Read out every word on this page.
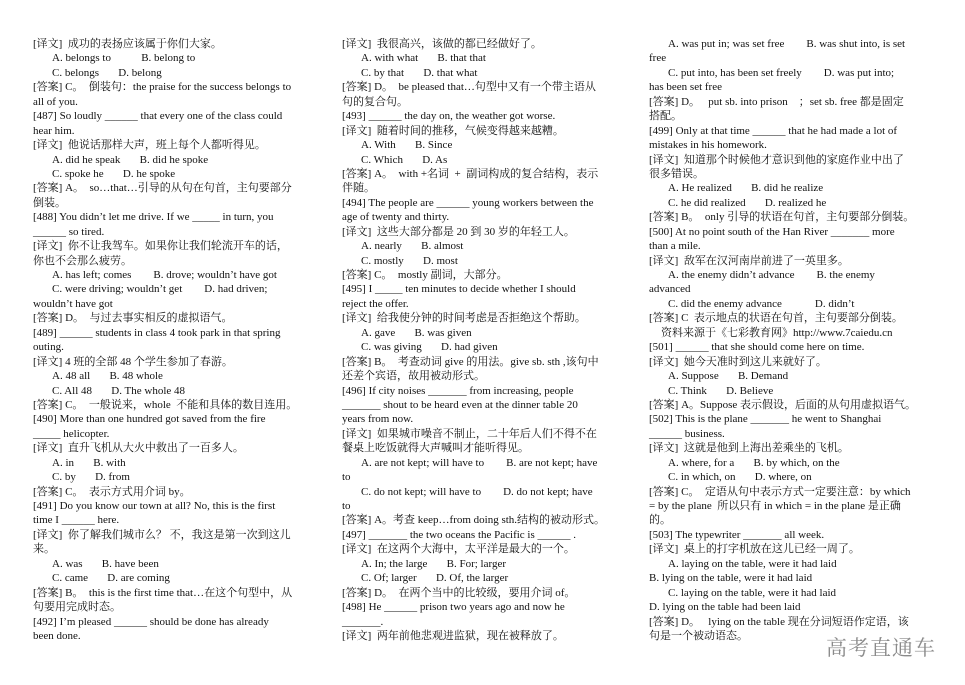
[译文]  成功的表扬应该属于你们大家。
A. belongs to           B. belong to
C. belongs       D. belong
[答案] C。  倒装句：the praise for the success belongs to
all of you.
[487] So loudly ______ that every one of the class could
hear him.
[译文]  他说话那样大声，班上每个人都听得见。
A. did he speak       B. did he spoke
C. spoke he       D. he spoke
[答案] A。  so…that…引导的从句在句首，主句要部分
倒装。
[488] You didn’t let me drive. If we _____ in turn, you
______ so tired.
[译文]  你不让我驾车。如果你让我们轮流开车的话，
你也不会那么疲劳。
A. has left; comes        B. drove; wouldn’t have got
C. were driving; wouldn’t get        D. had driven;
wouldn’t have got
[答案] D。  与过去事实相反的虚拟语气。
[489] ______ students in class 4 took park in that spring
outing.
[译文] 4 班的全部 48 个学生参加了春游。
A. 48 all       B. 48 whole
C. All 48       D. The whole 48
[答案] C。  一般说来，whole  不能和具体的数目连用。
[490] More than one hundred got saved from the fire
_____ helicopter.
[译文]  直升飞机从大火中救出了一百多人。
A. in       B. with
C. by       D. from
[答案] C。  表示方式用介词 by。
[491] Do you know our town at all? No, this is the first
time I ______ here.
[译文]  你了解我们城市么？ 不，我这是第一次到这儿
来。
A. was       B. have been
C. came       D. are coming
[答案] B。  this is the first time that…在这个句型中，从
句要用完成时态。
[492] I’m pleased ______ should be done has already
been done.
[译文]  我很高兴，该做的都已经做好了。
A. with what       B. that that
C. by that       D. that what
[答案] D。  be pleased that…句型中又有一个带主语从
句的复合句。
[493] ______ the day on, the weather got worse.
[译文]  随着时间的推移，气候变得越来越糟。
A. With       B. Since
C. Which       D. As
[答案] A。  with +名词  +  副词构成的复合结构，表示
伴随。
[494] The people are ______ young workers between the
age of twenty and thirty.
[译文]  这些大部分都是 20 到 30 岁的年轻工人。
A. nearly       B. almost
C. mostly       D. most
[答案] C。  mostly 副词，大部分。
[495] I _____ ten minutes to decide whether I should
reject the offer.
[译文]  给我使分钟的时间考虑是否拒绝这个帮助。
A. gave       B. was given
C. was giving       D. had given
[答案] B。  考查动词 give 的用法。give sb. sth ,该句中
还差个宾语，故用被动形式。
[496] If city noises _______ from increasing, people
_______ shout to be heard even at the dinner table 20
years from now.
[译文]  如果城市噪音不制止，二十年后人们不得不在
餐桌上吃饭就得大声喊叫才能听得见。
A. are not kept; will have to        B. are not kept; have
to
C. do not kept; will have to        D. do not kept; have
to
[答案] A。考查 keep…from doing sth.结构的被动形式。
[497] _______ the two oceans the Pacific is ______ .
[译文]  在这两个大海中，太平洋是最大的一个。
A. In; the large       B. For; larger
C. Of; larger       D. Of, the larger
[答案] D。  在两个当中的比较级，要用介词 of。
[498] He ______ prison two years ago and now he
_______.
[译文]  两年前他悲观进监狱，现在被释放了。
A. was put in; was set free        B. was shut into, is set
free
C. put into, has been set freely        D. was put into;
has been set free
[答案] D。   put sb. into prison    ；set sb. free 都是固定
搭配。
[499] Only at that time ______ that he had made a lot of
mistakes in his homework.
[译文]  知道那个时候他才意识到他的家庭作业中出了
很多错误。
A. He realized       B. did he realize
C. he did realized       D. realized he
[答案] B。  only 引导的状语在句首，主句要部分倒装。
[500] At no point south of the Han River _______ more
than a mile.
[译文]  敌军在汉河南岸前进了一英里多。
A. the enemy didn’t advance        B. the enemy
advanced
C. did the enemy advance            D. didn’t
[答案] C  表示地点的状语在句首，主句要部分倒装。
资料来源于《七彩教育网》http://www.7caiedu.cn
[501] ______ that she should come here on time.
[译文]  她今天准时到这儿来就好了。
A. Suppose       B. Demand
C. Think       D. Believe
[答案] A。Suppose 表示假设，后面的从句用虚拟语气。
[502] This is the plane _______ he went to Shanghai
______ business.
[译文]  这就是他到上海出差乘坐的飞机。
A. where, for a       B. by which, on the
C. in which, on       D. where, on
[答案] C。  定语从句中表示方式一定要注意：by which
= by the plane  所以只有 in which = in the plane 是正确
的。
[503] The typewriter _______ all week.
[译文]  桌上的打字机放在这儿已经一周了。
A. laying on the table, were it had laid
B. lying on the table, were it had laid
C. laying on the table, were it had laid
D. lying on the table had been laid
[答案] D。   lying on the table 现在分词短语作定语，该
句是一个被动语态。
高考直通车
